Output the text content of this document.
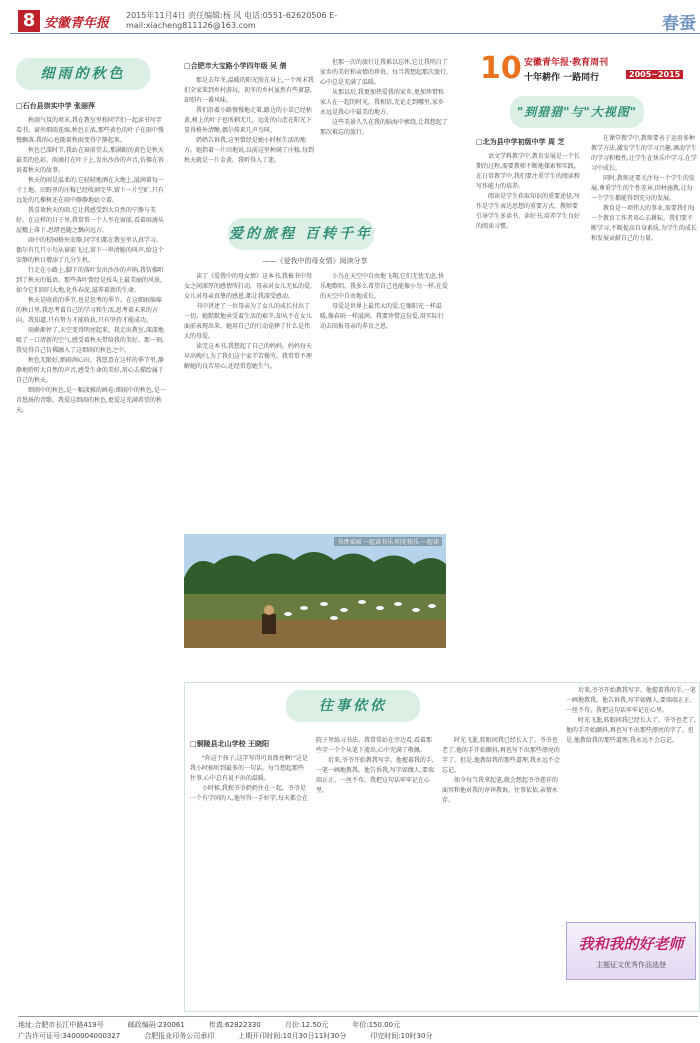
8 安徽青年报
2015年11月4日 责任编辑:杨 风 电话:0551-62620506 E-mail:xiacheng811126@163.com	春蚕
细雨的秋色
□石台县崇实中学 张丽萍

秋雨气氛的周末,我在教室里和同学们一起读书写字看书。窗外细雨连绵,秋色正浓,那些黄色的叶子在雨中慢慢飘落,我的心也随着秋雨变得宁静起来。

秋色已深时节,我站在窗前望去,那满眼的黄色是秋天最美的色彩。雨滴打在叶子上,发出沙沙的声音,仿佛在诉说着秋天的故事。

秋天的雨是温柔的,它轻轻地洒在大地上,滋润着每一寸土地。田野里的庄稼已经收割完毕,留下一片空旷,只有远处的几棵树还在雨中静静地站立着。

我喜欢秋天的雨,它让我感受到大自然的宁静与美好。在这样的日子里,我常常一个人坐在窗前,看着雨滴从屋檐上落下,思绪也随之飘向远方。

雨中的校园格外安静,同学们都在教室里认真学习。偶尔有几只小鸟从窗前飞过,留下一串清脆的叫声,给这个安静的秋日增添了几分生机。

行走在小路上,脚下的落叶发出沙沙的声响,我仿佛听到了秋天的低语。那些落叶曾经是枝头上最美丽的风景,如今它们回归大地,化作春泥,滋养着新的生命。

秋天是收获的季节,也是思考的季节。在这细雨绵绵的秋日里,我思考着自己的学习和生活,思考着未来的方向。我知道,只有努力才能收获,只有坚持才能成功。

雨渐渐停了,天空变得明亮起来。我走出教室,深深地吸了一口清新的空气,感受着秋天带给我的美好。那一刻,我觉得自己仿佛融入了这细雨的秋色之中。

秋色无限好,细雨润心田。我愿意在这样的季节里,静静地聆听大自然的声音,感受生命的美好,用心去描绘属于自己的秋天。

细雨中的秋色,是一幅淡雅的画卷;细雨中的秋色,是一首悠扬的诗歌。我爱这细雨的秋色,更爱这充满希望的秋天。

□合肥市大宝路小学四年级 吴 倩

那是去年冬,温暖的阳光照在身上,一个周末我们全家来到乡村游玩。初冬的乡村虽然有些萧瑟,却别有一番风味。

我们沿着小路慢慢地走着,路边的小草已经枯黄,树上的叶子也所剩无几。远处的山峦在阳光下显得格外清晰,偶尔传来几声鸟叫。

奶奶告诉我,这里曾经是她小时候生活的地方。她指着一片田地说,以前这里种满了庄稼,每到秋天就是一片金黄。我听得入了迷。

但那一次的旅行让我难以忘怀,它让我明白了家乡的美好和亲情的珍贵。每当我想起那次旅行,心中总是充满了温暖。

从那以后,我更加热爱我的家乡,更加珍惜和家人在一起的时光。我相信,无论走到哪里,家乡永远是我心中最美的地方。

这些美景久久在我的脑海中萦绕,让我想起了那次难忘的旅行。

爱的旅程 百转千年
——《爱我中的母女情》阅读分享

读了《爱我中的母女情》这本书,我被书中母女之间深厚的感情所打动。母亲对女儿无私的爱,女儿对母亲真挚的感恩,都让我深受感动。

书中讲述了一位母亲为了女儿的成长付出了一切。她默默地承受着生活的艰辛,却从不在女儿面前表现出来。她用自己的行动诠释了什么是伟大的母爱。

读完这本书,我想起了自己的妈妈。妈妈每天早出晚归,为了我们这个家辛苦操劳。我常常不理解她的良苦用心,还经常惹她生气。

小鸟在天空中自由地飞翔,它们无忧无虑,快乐地歌唱。我多么希望自己也能像小鸟一样,在爱的天空中自由地成长。

母爱是世界上最伟大的爱,它像阳光一样温暖,像春雨一样滋润。我要珍惜这份爱,用实际行动去回报母亲的养育之恩。

书香家园 一起读书乐 阳光快乐 一起读
10 安徽青年报·教育周刊
十年耕作 一路同行	2005~2015
"到猎猎"与"大视图"
□北为县中学初级中学 周 芝

语文学科教学中,教育发展是一个长期的过程,需要教师不断地探索和实践。在日常教学中,我们要注重学生的阅读和写作能力的培养。

阅读是学生获取知识的重要途径,写作是学生表达思想的重要方式。教师要引导学生多读书、读好书,培养学生良好的阅读习惯。

在课堂教学中,教师要善于运用多种教学方法,激发学生的学习兴趣,调动学生的学习积极性,让学生在快乐中学习,在学习中成长。

同时,教师还要关注每一个学生的发展,尊重学生的个性差异,因材施教,让每一个学生都能得到充分的发展。

教育是一项伟大的事业,需要我们每一个教育工作者用心去耕耘。我们要不断学习,不断提高自身素质,为学生的成长和发展贡献自己的力量。

往事依依
□铜陵县北山学校 王晓阳

"你这个孩子,这字写得可真漂亮啊!"这是我小时候听到最多的一句话。每当想起那些往事,心中总有说不出的温暖。

小时候,我和爷爷奶奶住在一起。爷爷是一个有学问的人,他写得一手好字,每天都会在院子里练习书法。我常常站在旁边看,看着那些字一个个从笔下流出,心中充满了敬佩。

后来,爷爷开始教我写字。他握着我的手,一笔一画地教我。他告诉我,写字如做人,要端端正正、一丝不苟。我把这句话牢牢记在心里。

时光飞逝,转眼间我已经长大了。爷爷也老了,他的手开始颤抖,再也写不出那些漂亮的字了。但是,他教给我的那些道理,我永远不会忘记。

如今每当我拿起笔,就会想起爷爷慈祥的面容和他对我的谆谆教诲。往事依依,亲情永存。

后来,爷爷开始教我写字。他握着我的手,一笔一画地教我。他告诉我,写字如做人,要端端正正、一丝不苟。我把这句话牢牢记在心里。

时光飞逝,转眼间我已经长大了。爷爷也老了,他的手开始颤抖,再也写不出那些漂亮的字了。但是,他教给我的那些道理,我永远不会忘记。

我和我的好老师
主题征文优秀作品选登
地址:合肥市长江中路419号	邮政编码:230061	传真:62822330	月价:12.50元	年价:150.00元
广告许可证号:3400004000327	合肥报业印务公司承印	上期开印时间:10月30日11时30分	印完时间:10时30分
